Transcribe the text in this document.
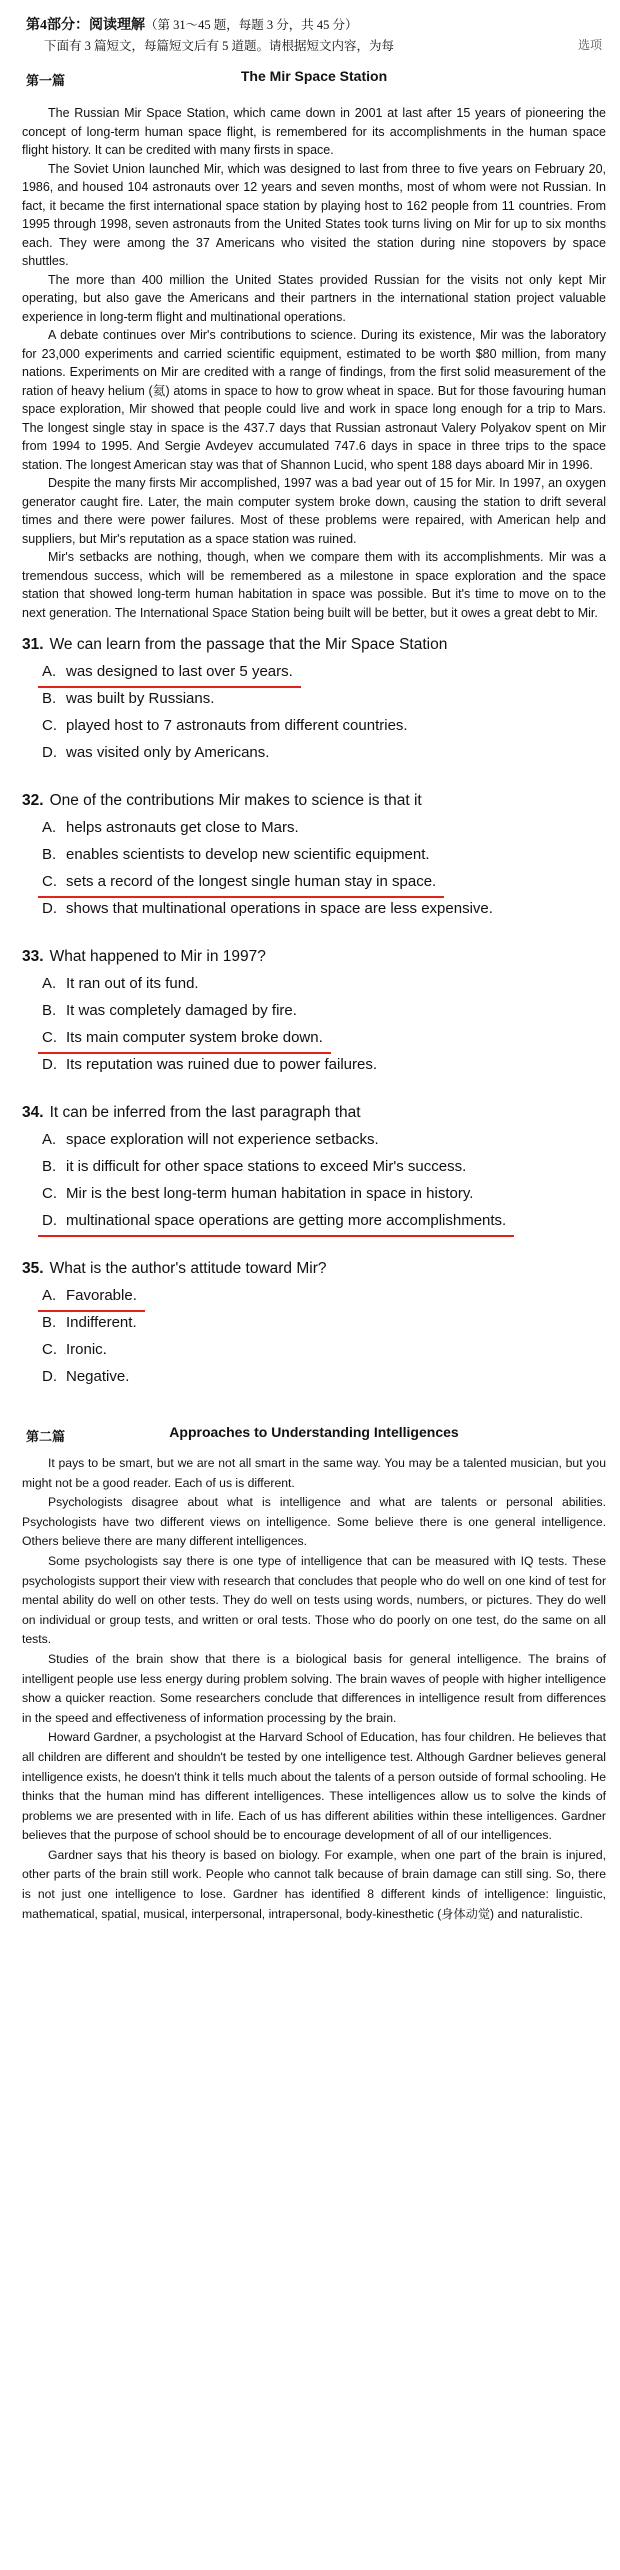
第4部分：阅读理解（第 31～45 题，每题 3 分，共 45 分）
下面有 3 篇短文，每篇短文后有 5 道题。请根据短文内容，为每	选项
第一篇	The Mir Space Station

The Russian Mir Space Station, which came down in 2001 at last after 15 years of pioneering the concept of long-term human space flight, is remembered for its accomplishments in the human space flight history. It can be credited with many firsts in space.

The Soviet Union launched Mir, which was designed to last from three to five years on February 20, 1986, and housed 104 astronauts over 12 years and seven months, most of whom were not Russian. In fact, it became the first international space station by playing host to 162 people from 11 countries. From 1995 through 1998, seven astronauts from the United States took turns living on Mir for up to six months each. They were among the 37 Americans who visited the station during nine stopovers by space shuttles.

The more than 400 million the United States provided Russian for the visits not only kept Mir operating, but also gave the Americans and their partners in the international station project valuable experience in long-term flight and multinational operations.

A debate continues over Mir's contributions to science. During its existence, Mir was the laboratory for 23,000 experiments and carried scientific equipment, estimated to be worth $80 million, from many nations. Experiments on Mir are credited with a range of findings, from the first solid measurement of the ration of heavy helium (氦) atoms in space to how to grow wheat in space. But for those favouring human space exploration, Mir showed that people could live and work in space long enough for a trip to Mars. The longest single stay in space is the 437.7 days that Russian astronaut Valery Polyakov spent on Mir from 1994 to 1995. And Sergie Avdeyev accumulated 747.6 days in space in three trips to the space station. The longest American stay was that of Shannon Lucid, who spent 188 days aboard Mir in 1996.

Despite the many firsts Mir accomplished, 1997 was a bad year out of 15 for Mir. In 1997, an oxygen generator caught fire. Later, the main computer system broke down, causing the station to drift several times and there were power failures. Most of these problems were repaired, with American help and suppliers, but Mir's reputation as a space station was ruined.

Mir's setbacks are nothing, though, when we compare them with its accomplishments. Mir was a tremendous success, which will be remembered as a milestone in space exploration and the space station that showed long-term human habitation in space was possible. But it's time to move on to the next generation. The International Space Station being built will be better, but it owes a great debt to Mir.

31. We can learn from the passage that the Mir Space Station
A. was designed to last over 5 years.
B. was built by Russians.
C. played host to 7 astronauts from different countries.
D. was visited only by Americans.
32. One of the contributions Mir makes to science is that it
A. helps astronauts get close to Mars.
B. enables scientists to develop new scientific equipment.
C. sets a record of the longest single human stay in space.
D. shows that multinational operations in space are less expensive.
33. What happened to Mir in 1997?
A. It ran out of its fund.
B. It was completely damaged by fire.
C. Its main computer system broke down.
D. Its reputation was ruined due to power failures.
34. It can be inferred from the last paragraph that
A. space exploration will not experience setbacks.
B. it is difficult for other space stations to exceed Mir's success.
C. Mir is the best long-term human habitation in space in history.
D. multinational space operations are getting more accomplishments.
35. What is the author's attitude toward Mir?
A. Favorable.
B. Indifferent.
C. Ironic.
D. Negative.
第二篇	Approaches to Understanding Intelligences

It pays to be smart, but we are not all smart in the same way. You may be a talented musician, but you might not be a good reader. Each of us is different.

Psychologists disagree about what is intelligence and what are talents or personal abilities. Psychologists have two different views on intelligence. Some believe there is one general intelligence. Others believe there are many different intelligences.

Some psychologists say there is one type of intelligence that can be measured with IQ tests. These psychologists support their view with research that concludes that people who do well on one kind of test for mental ability do well on other tests. They do well on tests using words, numbers, or pictures. They do well on individual or group tests, and written or oral tests. Those who do poorly on one test, do the same on all tests.

Studies of the brain show that there is a biological basis for general intelligence. The brains of intelligent people use less energy during problem solving. The brain waves of people with higher intelligence show a quicker reaction. Some researchers conclude that differences in intelligence result from differences in the speed and effectiveness of information processing by the brain.

Howard Gardner, a psychologist at the Harvard School of Education, has four children. He believes that all children are different and shouldn't be tested by one intelligence test. Although Gardner believes general intelligence exists, he doesn't think it tells much about the talents of a person outside of formal schooling. He thinks that the human mind has different intelligences. These intelligences allow us to solve the kinds of problems we are presented with in life. Each of us has different abilities within these intelligences. Gardner believes that the purpose of school should be to encourage development of all of our intelligences.

Gardner says that his theory is based on biology. For example, when one part of the brain is injured, other parts of the brain still work. People who cannot talk because of brain damage can still sing. So, there is not just one intelligence to lose. Gardner has identified 8 different kinds of intelligence: linguistic, mathematical, spatial, musical, interpersonal, intrapersonal, body-kinesthetic (身体动觉) and naturalistic.
